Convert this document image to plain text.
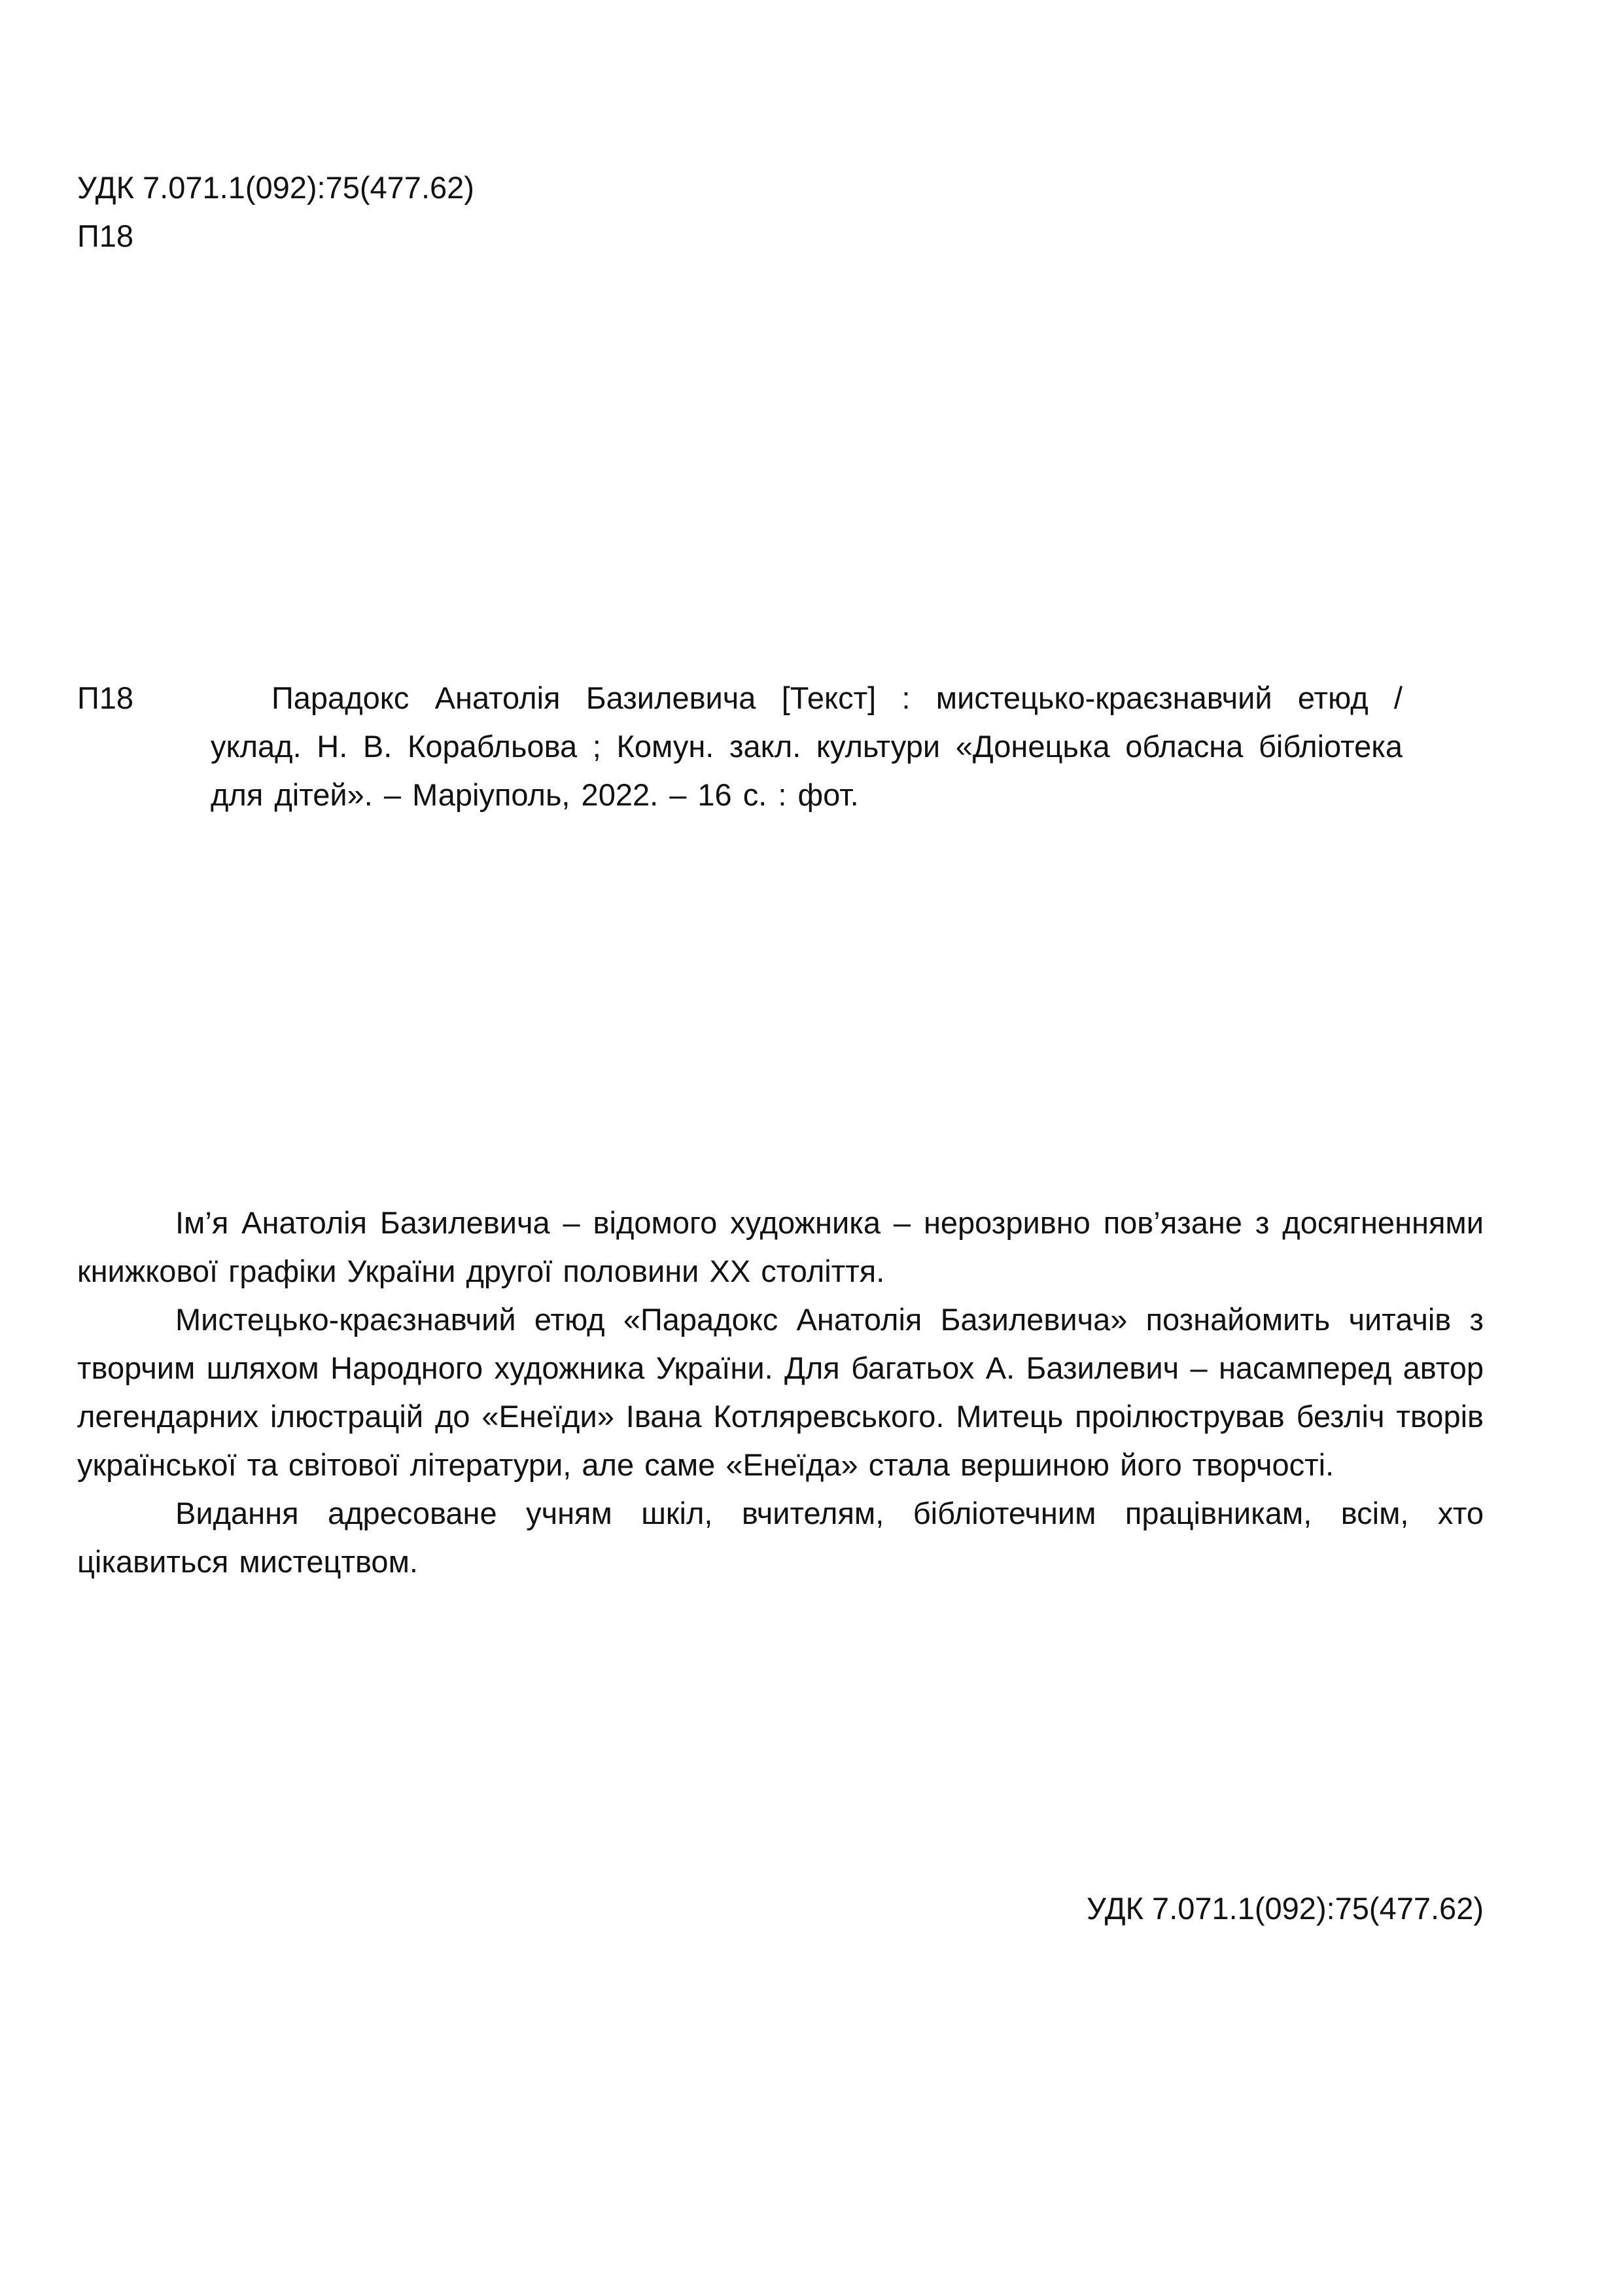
УДК 7.071.1(092):75(477.62)
П18
П18	Парадокс Анатолія Базилевича [Текст] : мистецько-краєзнавчий етюд / уклад. Н. В. Корабльова ; Комун. закл. культури «Донецька обласна бібліотека для дітей». – Маріуполь, 2022. – 16 с. : фот.

Ім’я Анатолія Базилевича – відомого художника – нерозривно пов’язане з досягненнями книжкової графіки України другої половини ХХ століття.

Мистецько-краєзнавчий етюд «Парадокс Анатолія Базилевича» познайомить читачів з творчим шляхом Народного художника України. Для багатьох А. Базилевич – насамперед автор легендарних ілюстрацій до «Енеїди» Івана Котляревського. Митець проілюстрував безліч творів української та світової літератури, але саме «Енеїда» стала вершиною його творчості.

Видання адресоване учням шкіл, вчителям, бібліотечним працівникам, всім, хто цікавиться мистецтвом.

УДК 7.071.1(092):75(477.62)
